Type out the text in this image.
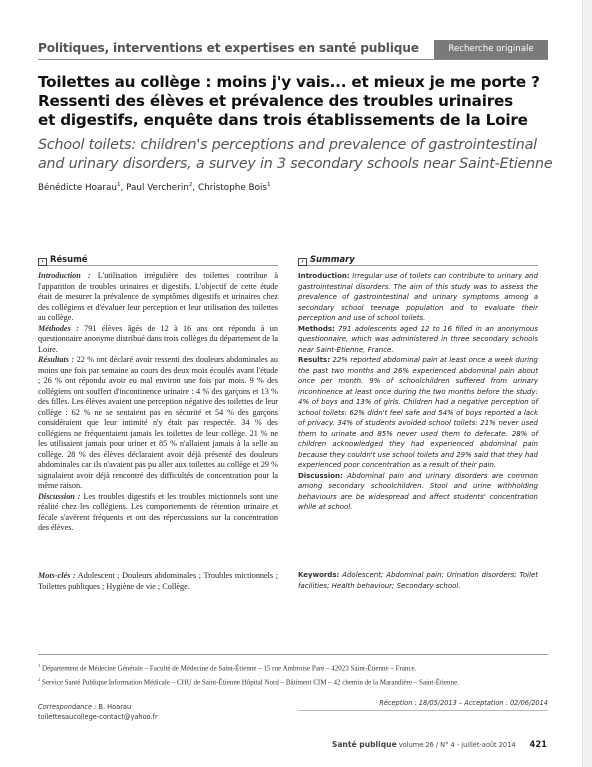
Politiques, interventions et expertises en santé publique	Recherche originale
Toilettes au collège : moins j'y vais... et mieux je me porte ?
Ressenti des élèves et prévalence des troubles urinaires
et digestifs, enquête dans trois établissements de la Loire
School toilets: children's perceptions and prevalence of gastrointestinal
and urinary disorders, a survey in 3 secondary schools near Saint-Etienne
Bénédicte Hoarau$^1$, Paul Vercherin$^2$, Christophe Bois$^1$
› Résumé

Introduction : L'utilisation irrégulière des toilettes contribue à l'apparition de troubles urinaires et digestifs. L'objectif de cette étude était de mesurer la prévalence de symptômes digestifs et urinaires chez des collégiens et d'évaluer leur perception et leur utilisation des toilettes au collège.

Méthodes : 791 élèves âgés de 12 à 16 ans ont répondu à un questionnaire anonyme distribué dans trois collèges du département de la Loire.

Résultats : 22 % ont déclaré avoir ressenti des douleurs abdominales au moins une fois par semaine au cours des deux mois écoulés avant l'étude ; 26 % ont répondu avoir eu mal environ une fois par mois. 9 % des collégiens ont souffert d'incontinence urinaire : 4 % des garçons et 13 % des filles. Les élèves avaient une perception négative des toilettes de leur collège : 62 % ne se sentaient pas en sécurité et 54 % des garçons considéraient que leur intimité n'y était pas respectée. 34 % des collégiens ne fréquentaient jamais les toilettes de leur collège. 21 % ne les utilisaient jamais pour uriner et 85 % n'allaient jamais à la selle au collège. 28 % des élèves déclaraient avoir déjà présenté des douleurs abdominales car ils n'avaient pas pu aller aux toilettes au collège et 29 % signalaient avoir déjà rencontré des difficultés de concentration pour la même raison.

Discussion : Les troubles digestifs et les troubles mictionnels sont une réalité chez les collégiens. Les comportements de rétention urinaire et fécale s'avèrent fréquents et ont des répercussions sur la concentration des élèves.

› Summary

Introduction: Irregular use of toilets can contribute to urinary and gastrointestinal disorders. The aim of this study was to assess the prevalence of gastrointestinal and urinary symptoms among a secondary school teenage population and to evaluate their perception and use of school toilets.

Methods: 791 adolescents aged 12 to 16 filled in an anonymous questionnaire, which was administered in three secondary schools near Saint-Etienne, France.

Results: 22% reported abdominal pain at least once a week during the past two months and 26% experienced abdominal pain about once per month. 9% of schoolchildren suffered from urinary incontinence at least once during the two months before the study: 4% of boys and 13% of girls. Children had a negative perception of school toilets: 62% didn't feel safe and 54% of boys reported a lack of privacy. 34% of students avoided school toilets: 21% never used them to urinate and 85% never used them to defecate. 28% of children acknowledged they had experienced abdominal pain because they couldn't use school toilets and 29% said that they had experienced poor concentration as a result of their pain.

Discussion: Abdominal pain and urinary disorders are common among secondary schoolchildren. Stool and urine withholding behaviours are be widespread and affect students' concentration while at school.

Mots-clés : Adolescent ; Douleurs abdominales ; Troubles mictionnels ; Toilettes publiques ; Hygiène de vie ; Collège.
Keywords: Adolescent; Abdominal pain; Urination disorders; Toilet facilities; Health behaviour; Secondary school.

$^1$ Département de Médecine Générale – Faculté de Médecine de Saint-Étienne – 15 rue Ambroise Paré – 42023 Saint-Étienne – France.

$^2$ Service Santé Publique Information Médicale – CHU de Saint-Étienne Hôpital Nord – Bâtiment CIM – 42 chemin de la Marandière – Saint-Étienne.

Correspondance : B. Hoarau
toilettesaucollege-contact@yahoo.fr
Réception : 18/05/2013 – Acceptation : 02/06/2014
Santé publique volume 26 / N° 4 - juillet-août 2014 421
